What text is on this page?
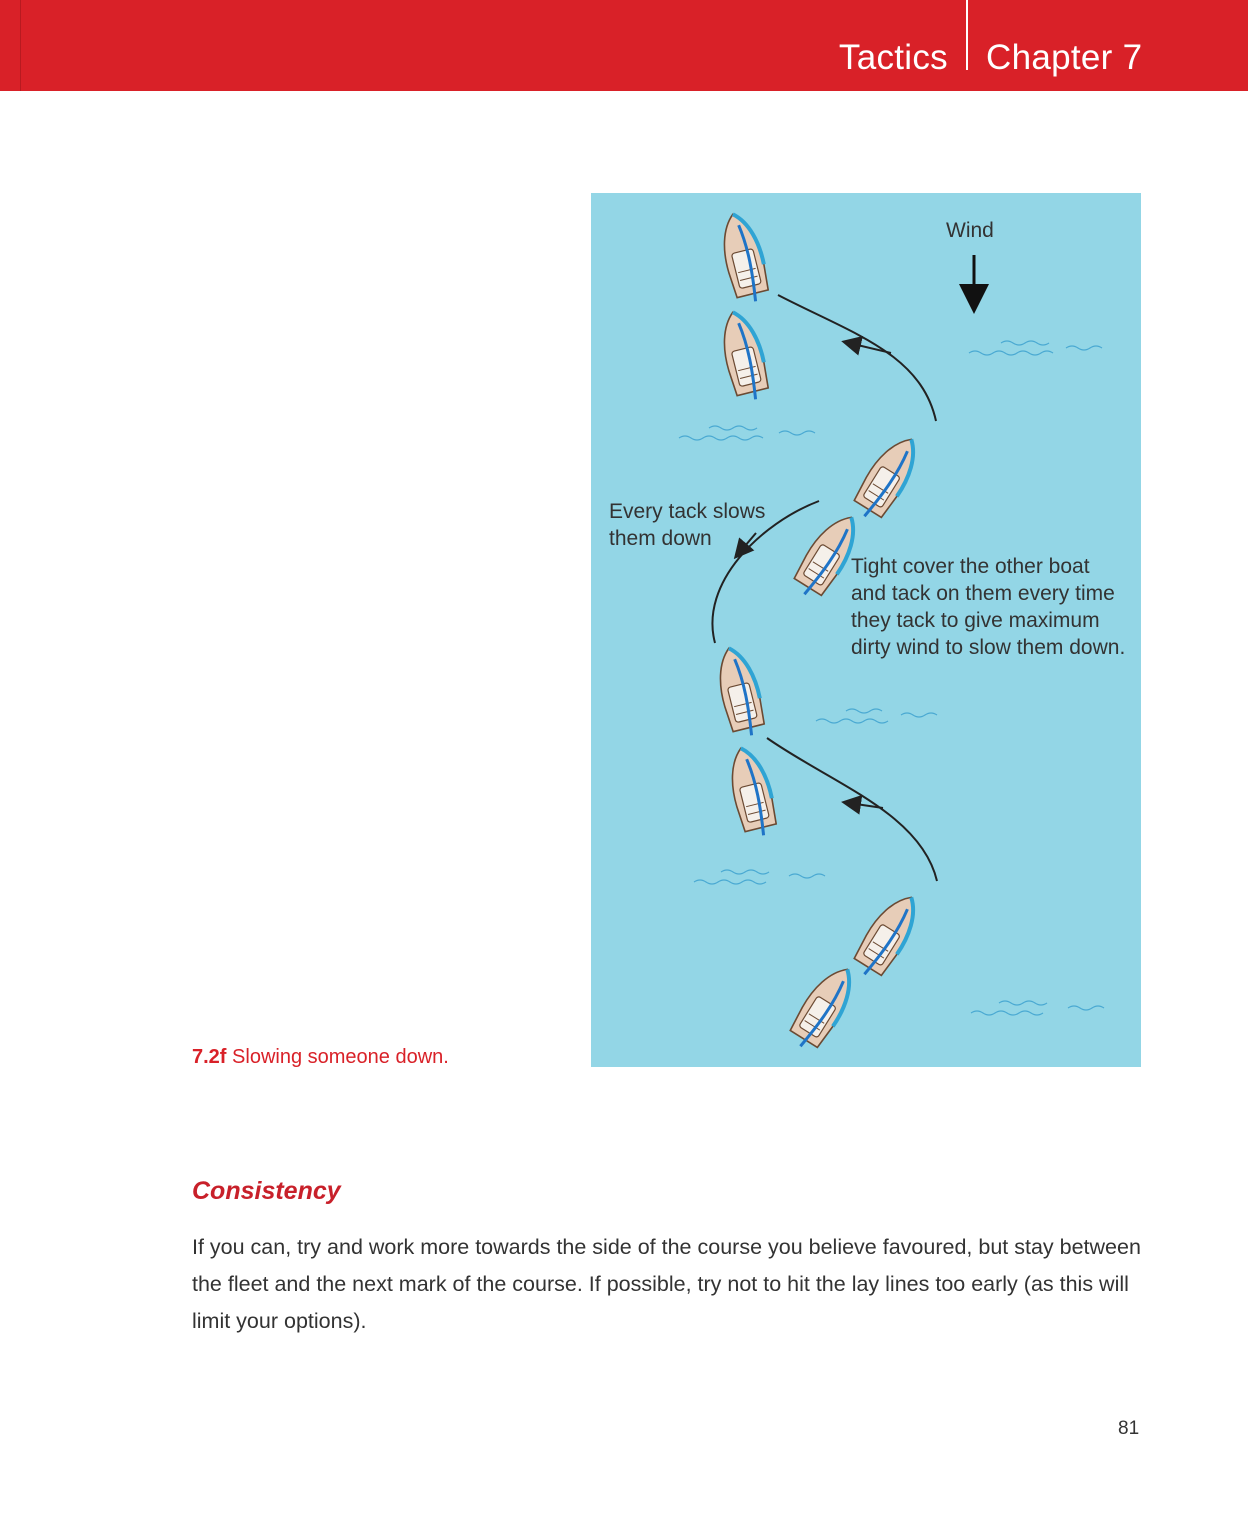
Tactics Chapter 7
Wind
Every tack slows
them down
Tight cover the other boat
and tack on them every time
they tack to give maximum
dirty wind to slow them down.
7.2f Slowing someone down.
Consistency
If you can, try and work more towards the side of the course you believe favoured, but stay between the fleet and the next mark of the course. If possible, try not to hit the lay lines too early (as this will limit your options).
81
